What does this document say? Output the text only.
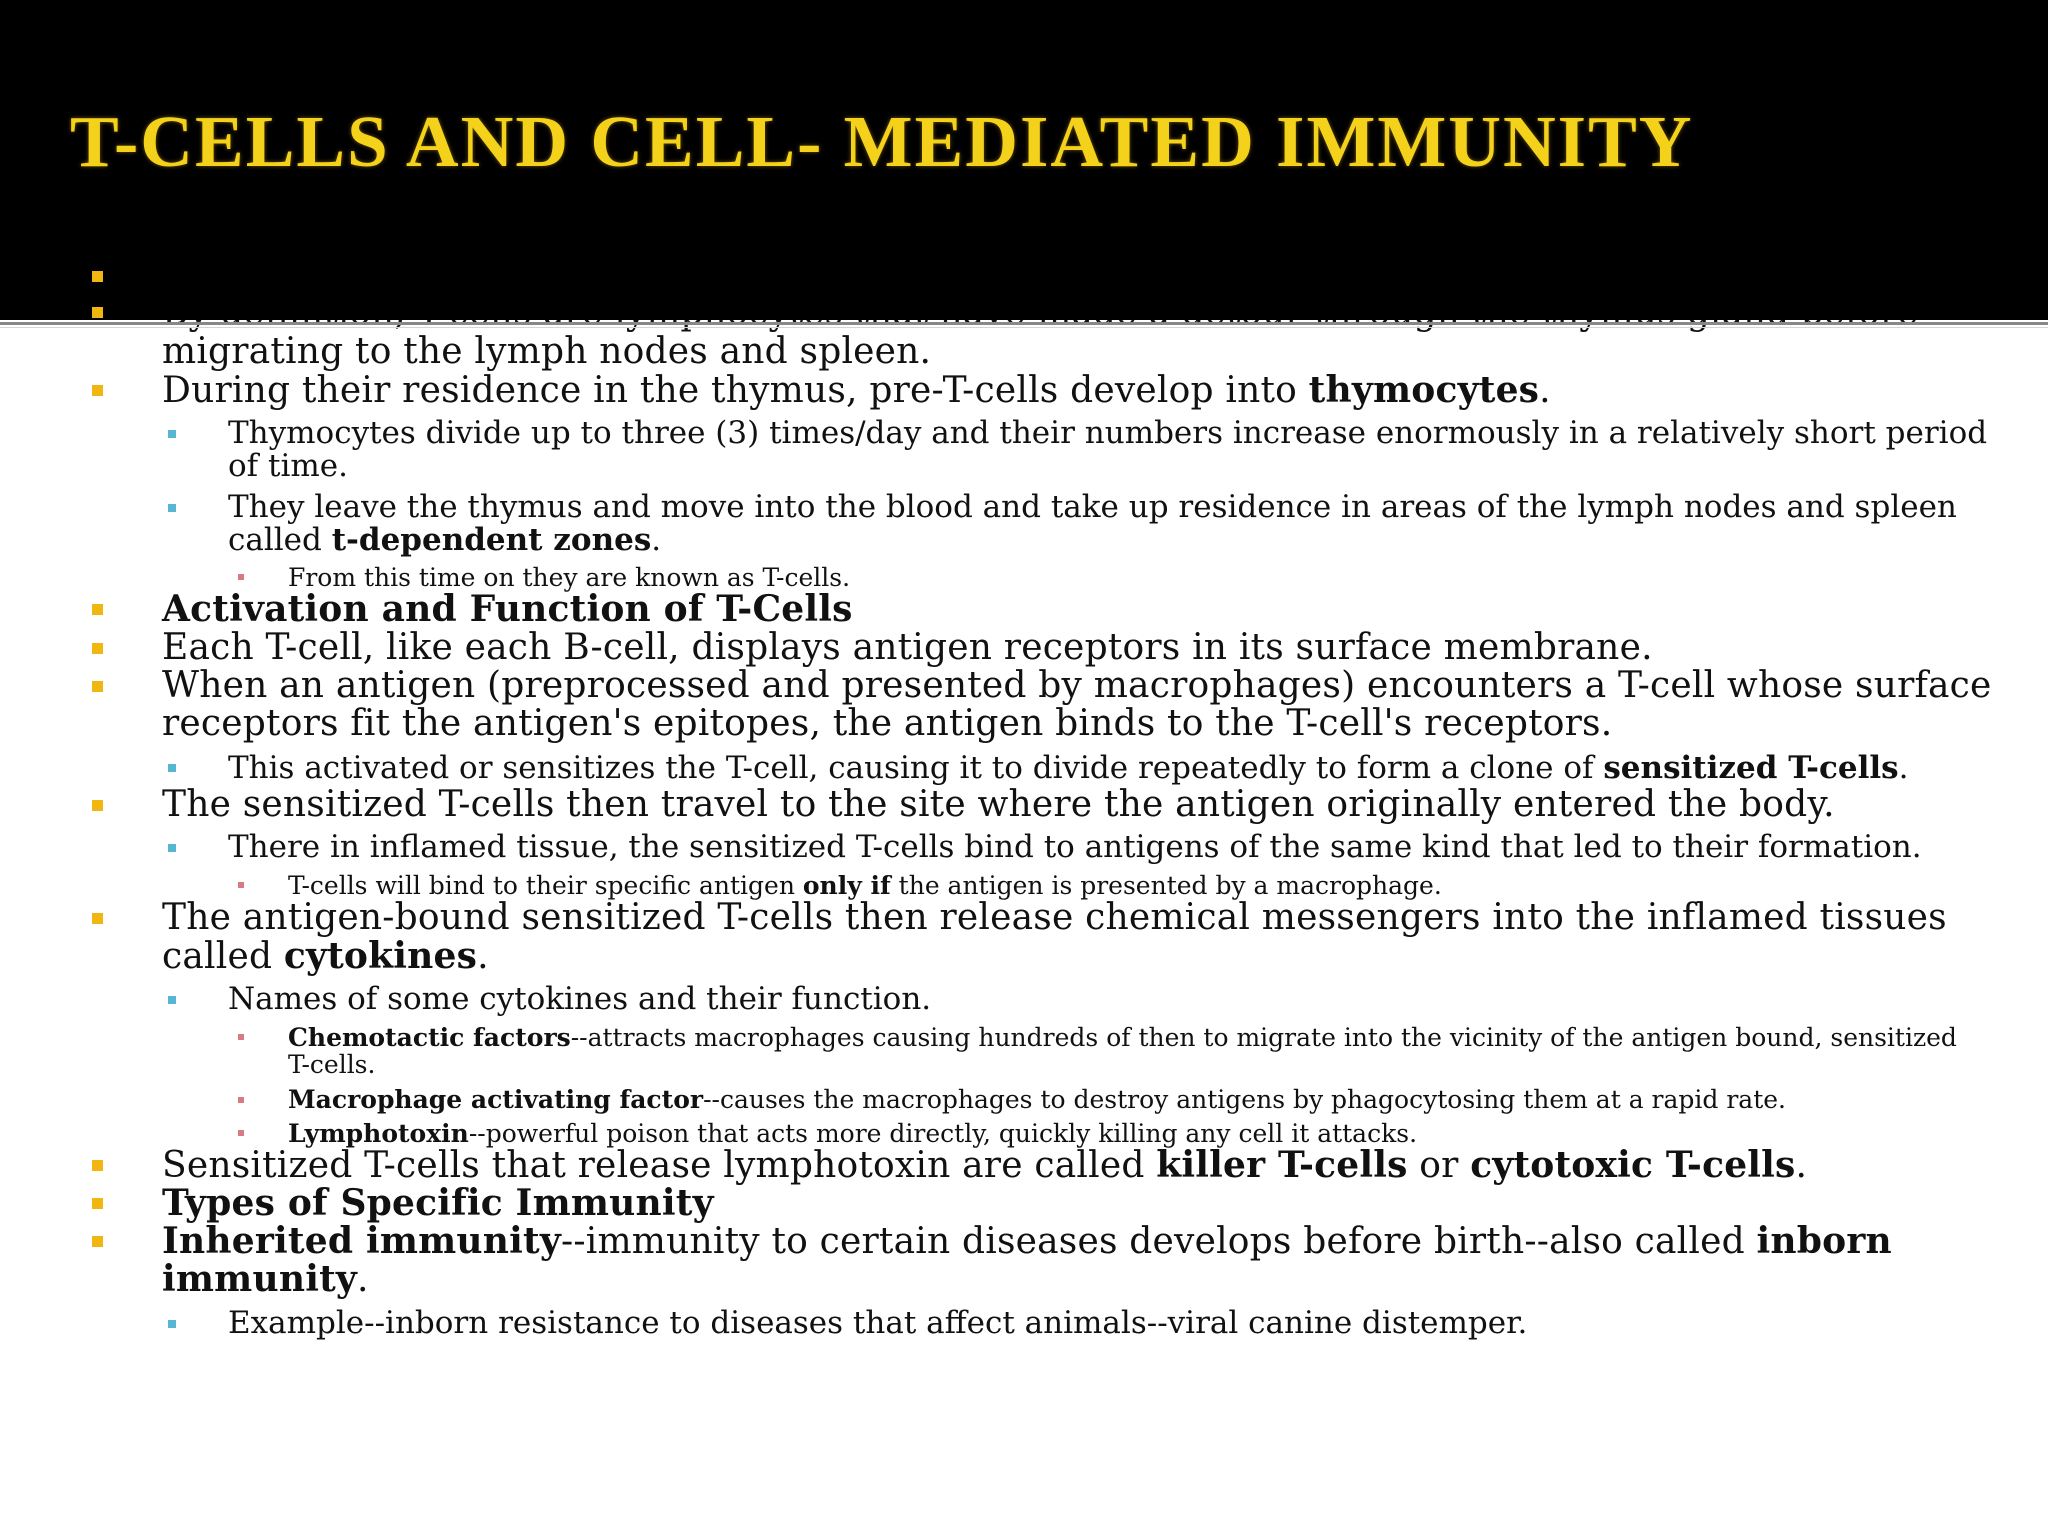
migrating to the lymph nodes and spleen.
During their residence in the thymus, pre-T-cells develop into thymocytes.
Thymocytes divide up to three (3) times/day and their numbers increase enormously in a relatively short period
of time.
They leave the thymus and move into the blood and take up residence in areas of the lymph nodes and spleen
called t-dependent zones.
From this time on they are known as T-cells.
Activation and Function of T-Cells
Each T-cell, like each B-cell, displays antigen receptors in its surface membrane.
When an antigen (preprocessed and presented by macrophages) encounters a T-cell whose surface
receptors fit the antigen's epitopes, the antigen binds to the T-cell's receptors.
This activated or sensitizes the T-cell, causing it to divide repeatedly to form a clone of sensitized T-cells.
The sensitized T-cells then travel to the site where the antigen originally entered the body.
There in inflamed tissue, the sensitized T-cells bind to antigens of the same kind that led to their formation.
T-cells will bind to their specific antigen only if the antigen is presented by a macrophage.
The antigen-bound sensitized T-cells then release chemical messengers into the inflamed tissues
called cytokines.
Names of some cytokines and their function.
Chemotactic factors--attracts macrophages causing hundreds of then to migrate into the vicinity of the antigen bound, sensitized
T-cells.
Macrophage activating factor--causes the macrophages to destroy antigens by phagocytosing them at a rapid rate.
Lymphotoxin--powerful poison that acts more directly, quickly killing any cell it attacks.
Sensitized T-cells that release lymphotoxin are called killer T-cells or cytotoxic T-cells.
Types of Specific Immunity
Inherited immunity--immunity to certain diseases develops before birth--also called inborn
immunity.
Example--inborn resistance to diseases that affect animals--viral canine distemper.
T-CELLS AND CELL- MEDIATED IMMUNITY
